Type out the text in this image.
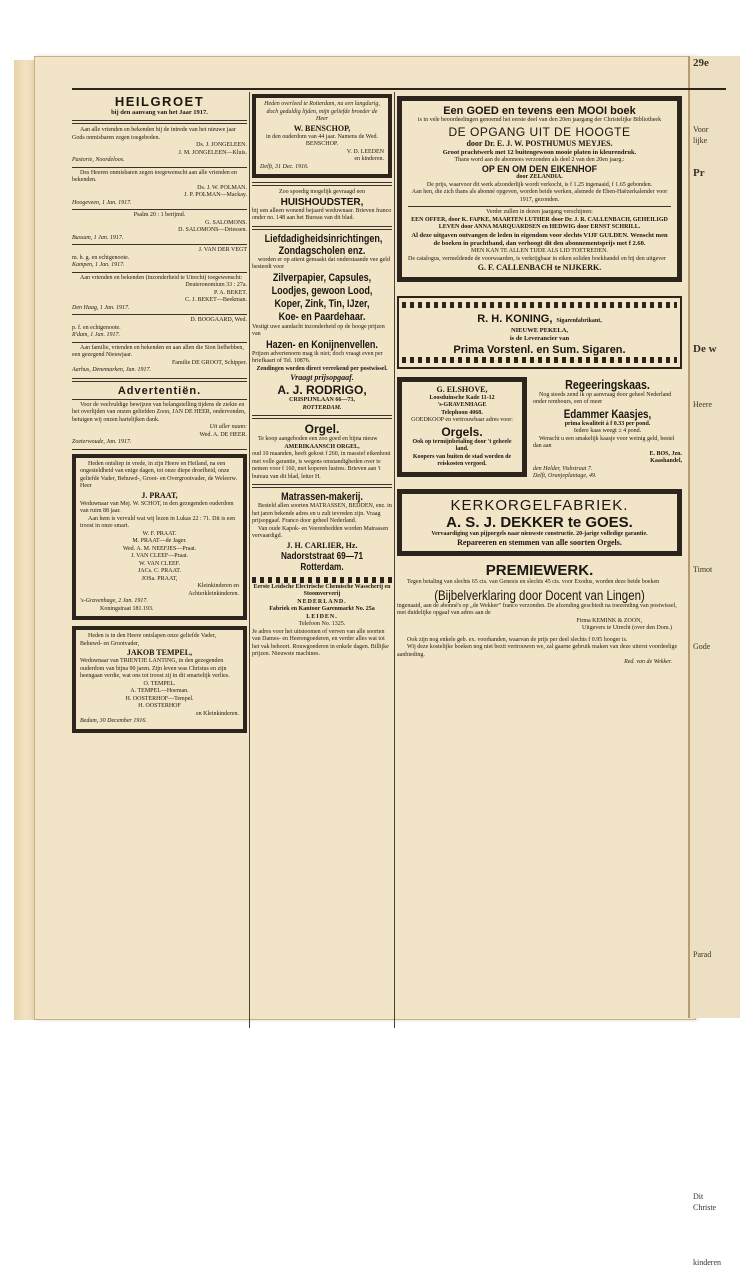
29e

Voor
lijke

Pr

De w

Heere

Timot

Gode

Parad

Dit
Christe

kinderen
HEILGROET
bij den aanvang van het Jaar 1917.

Aan alle vrienden en bekenden bij de intrede van het nieuwe jaar Gods onmisbaren zegen toegebeden.

Ds. J. JONGELEEN.

J. M. JONGELEEN—Kluis.

Pastorie, Noordeloos.

Des Heeren onmisbaren zegen toegewenscht aan alle vrienden en bekenden.

Ds. J. W. POLMAN.

J. P. POLMAN—Mackay.

Hoogeveen, 1 Jan. 1917.

Psalm 20 : 1 berijmd.

G. SALOMONS.

D. SALOMONS—Driessen.

Bussum, 1 Jan. 1917.

J. VAN DER VEGT

m. h. g. en echtgenoote.

Kampen, 1 Jan. 1917.

Aan vrienden en bekenden (inzonderheid te Utrecht) toegewenscht:

Deuteronomium 33 : 27a.

P. A. BEKET.

C. J. BEKET—Beekman.

Den Haag, 1 Jan. 1917.

D. BOOGAARD, Wed.

p. f. en echtgenoote.

R'dam, 1 Jan. 1917.

Aan familie, vrienden en bekenden en aan allen die Sion liefhebben, een gezegend Nieuwjaar.

Familie DE GROOT, Schipper.

Aarhus, Denemarken, Jan. 1917.

Advertentiën.

Voor de veelvuldige bewijzen van belangstelling tijdens de ziekte en het overlijden van onzen geliefden Zoon, JAN DE HEER, ondervonden, betuigen wij onzen hartelijken dank.

Uit aller naam:

Wed. A. DE HEER.

Zoeterwoude, Jan. 1917.

Heden ontsliep in vrede, in zijn Heere en Heiland, na een ongesteldheid van enige dagen, tot onze diepe droefheid, onze geliefde Vader, Behuwd-, Groot- en Overgrootvader, de Weleerw. Heer

J. PRAAT,

Weduwnaar van Mej. W. SCHOT, in den gezegenden ouderdom van ruim 88 jaar.

Aan hem is vervuld wat wij lezen in Lukas 22 : 71. Dit is een troost in onze smart.

W. F. PRAAT.

M. PRAAT—de Jager.

Wed. A. M. NEEFJES—Praat.

J. VAN CLEEF—Praat.

W. VAN CLEEF.

JACs. C. PRAAT.

JOSa. PRAAT,

Kleinkinderen en

Achterkleinkinderen.

's-Gravenhage, 2 Jan. 1917.

Koningstraat 181.193.

Heden is in den Heere ontslapen onze geliefde Vader, Behuwd- en Grootvader,

JAKOB TEMPEL,

Weduwnaar van TRIENTJE LANTING, in den gezegenden ouderdom van bijna 90 jaren. Zijn leven was Christus en zijn heengaan verdie, wat ons tot troost zij in dit smartelijk verlies.

O. TEMPEL.

A. TEMPEL—Hoeman.

H. OOSTERHOF—Tempel.

H. OOSTERHOF

en Kleinkinderen.

Bedum, 30 December 1916.

Heden overleed te Rotterdam, na een langdurig, doch geduldig lijden, mijn geliefde broeder de Heer

W. BENSCHOP,

in den ouderdom van 44 jaar. Namens de Wed. BENSCHOP.

V. D. LEEDEN

en kinderen.

Delft, 31 Dec. 1916.

Zoo spoedig mogelijk gevraagd een

HUISHOUDSTER,

bij een alleen wonend bejaard weduwnaar. Brieven franco onder no. 148 aan het Bureau van dit blad.

Liefdadigheidsinrichtingen,

Zondagscholen enz.

worden er op attent gemaakt dat onderstaande vee geld besteedt voor

Zilverpapier, Capsules, Loodjes, gewoon Lood, Koper, Zink, Tin, IJzer, Koe- en Paardehaar.

Vestigt uwe aandacht inzonderheid op de hooge prijzen van

Hazen- en Konijnenvellen.

Prijzen advertenorm mag ik niet; doch vraagt even per briefkaart of Tel. 10876.

Zendingen worden direct verrekend per postwissel.

Vraagt prijsopgaaf.

A. J. RODRIGO,

CRISPIJNLAAN 66—73,

ROTTERDAM.

Orgel.

Te koop aangeboden een zoo goed en bijna nieuw

AMERIKAANSCH ORGEL,

oud 10 maanden, heeft gekost f 260, in massief eikenhout met volle garantie, is wegens omstandigheden over te nemen voor f 160, met koperen lustres. Brieven aan 't bureau van dit blad, letter H.

Matrassen-makerij.

Besteld allen soorten MATRASSEN, BEDDEN, enz. in het jaren bekende adres en u zult tevreden zijn. Vraag prijsopgaaf. Franco door geheel Nederland.

Van oude Kapok- en Veerenbedden worden Matrassen vervaardigd.

J. H. CARLIER, Hz.

Nadorststraat 69—71 Rotterdam.

Eerste Leidsche Electrische Chemische Wasscherij en Stoomververij

NEDERLAND.

Fabriek en Kantoor Garenmarkt No. 25a

LEIDEN.

Telefoon No. 1325.

Je adres voor het uitstoomen of verven van alle soorten van Dames- en Heerengoederen, en verder alles wat tot het vak behoort. Rouwgoederen in enkele dagen. Billijke prijzen. Nieuwste machines.

Een GOED en tevens een MOOI boek

is in vele beoordeelingen genoemd het eerste deel van den 20en jaargang der Christelijke Bibliotheek

DE OPGANG UIT DE HOOGTE

door Dr. E. J. W. POSTHUMUS MEYJES.

Groot prachtwerk met 12 buitengewoon mooie platen in kleurendruk.

Thans word aan de abonnees verzonden als deel 2 van den 20en jaarg.:

OP EN OM DEN EIKENHOF

door ZELANDIA.

De prijs, waarvoor dit werk afzonderlijk wordt verkocht, is f 1.25 ingenaaid, f 1.65 gebonden.

Aan hen, die zich thans als abonné opgeven, worden beide werken, alsmede de Eben-Haëzerkalender voor 1917, gezonden.

Verder zullen in dezen jaargang verschijnen:

EEN OFFER, door K. FAPKE, MAARTEN LUTHER door Dr. J. R. CALLENBACH, GEHEILIGD LEVEN door ANNA MARQUARDSEN en HEDWIG door ERNST SCHRILL.

Al deze uitgaven ontvangen de leden in eigendom voor slechts VIJF GULDEN. Wenscht men de boeken in prachtband, dan verhoogt dit den abonnementsprijs met f 2.60.

MEN KAN TE ALLEN TIJDE ALS LID TOETREDEN.

De catalogus, vermeldende de voorwaarden, is verkrijgbaar in eiken soliden boekhandel en bij den uitgever

G. F. CALLENBACH te NIJKERK.

R. H. KONING, Sigarenfabrikant,

NIEUWE PEKELA,

is de Leverancier van

Prima Vorstenl. en Sum. Sigaren.

G. ELSHOVE,

Loosduinsche Kade 11-12

's-GRAVENHAGE

Telephoon 4068.

GOEDKOOP en vertrouwbaar adres voor:

Orgels.

Ook op termijnbetaling door 't geheele land.

Koopers van buiten de stad worden de reiskosten vergoed.

Regeeringskaas.

Nog steeds zend ik op aanvraag door geheel Nederland onder rembours, een of meer

Edammer Kaasjes,

prima kwaliteit à f 0.33 per pond.

Iedere kaas weegt ± 4 pond.

Wenscht u een smakelijk kaasje voor weinig geld, bestel dan aan

E. BOS, Jzn.

Kaashandel,

den Helder, Visbstraat 7.

Delft, Oranjeplantage, 49.

KERKORGELFABRIEK.

A. S. J. DEKKER te GOES.

Vervaardiging van pijporgels naar nieuwste constructie. 20-jarige volledige garantie.

Repareeren en stemmen van alle soorten Orgels.

PREMIEWERK.

Tegen betaling van slechts 65 cts. van Genesis en slechts 45 cts. voor Exodus, worden deze beide boeken

(Bijbelverklaring door Docent van Lingen)

ingenaaid, aan de abonné's op „de Wekker” franco verzonden. De afzending geschiedt na toezending van postwissel, met duidelijke opgaaf van adres aan de

Firma KEMINK & ZOON,

Uitgevers te Utrecht (over den Dom.)

Ook zijn nog enkele geb. ex. voorhanden, waarvan de prijs per deel slechts f 0.95 hooger is.

Wij deze kostelijke boeken nog niet bezit vertrouwen we, zal gaarne gebruik maken van deze uiterst voordeelige aanbieding.

Red. van de Wekker.
